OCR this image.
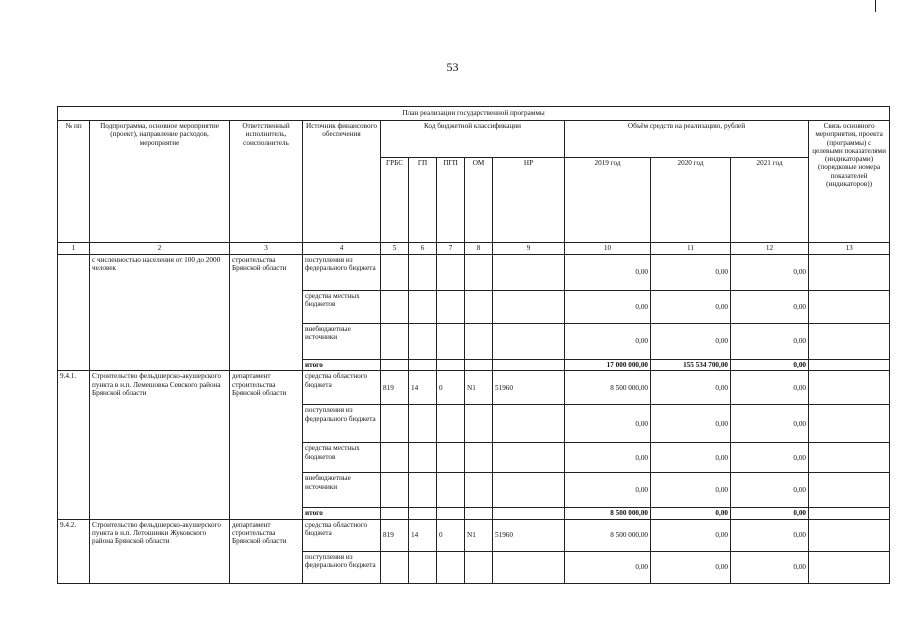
53
План реализации государственной программы												
№ пп	Подпрограмма, основное мероприятие (проект), направление расходов, мероприятие	Ответственный исполнитель, соисполнитель	Источник финансового обеспечения	Код бюджетной классификации					Объём средств на реализацию, рублей			Связь основного мероприятия, проекта (программы) с целевыми показателями (индикаторами) (порядковые номера показателей (индикаторов))
				ГРБС	ГП	ПГП	ОМ	НР	2019 год	2020 год	2021 год	
1	2	3	4	5	6	7	8	9	10	11	12	13
	с численностью населения от 100 до 2000 человек	строительства Брянской области	поступления из федерального бюджета						0,00	0,00	0,00	
			средства местных бюджетов						0,00	0,00	0,00	
			внебюджетные источники						0,00	0,00	0,00	
			итого						17 000 000,00	155 534 700,00	0,00	
9.4.1.	Строительство фельдшерско-акушерского пункта в н.п. Лемешовка Севского района Брянской области	департамент строительства Брянской области	средства областного бюджета	819	14	0	N1	51960	8 500 000,00	0,00	0,00	
			поступления из федерального бюджета						0,00	0,00	0,00	
			средства местных бюджетов						0,00	0,00	0,00	
			внебюджетные источники						0,00	0,00	0,00	
			итого						8 500 000,00	0,00	0,00	
9.4.2.	Строительство фельдшерско-акушерского пункта в н.п. Летошники Жуковского района Брянской области	департамент строительства Брянской области	средства областного бюджета	819	14	0	N1	51960	8 500 000,00	0,00	0,00	
			поступления из федерального бюджета						0,00	0,00	0,00	
